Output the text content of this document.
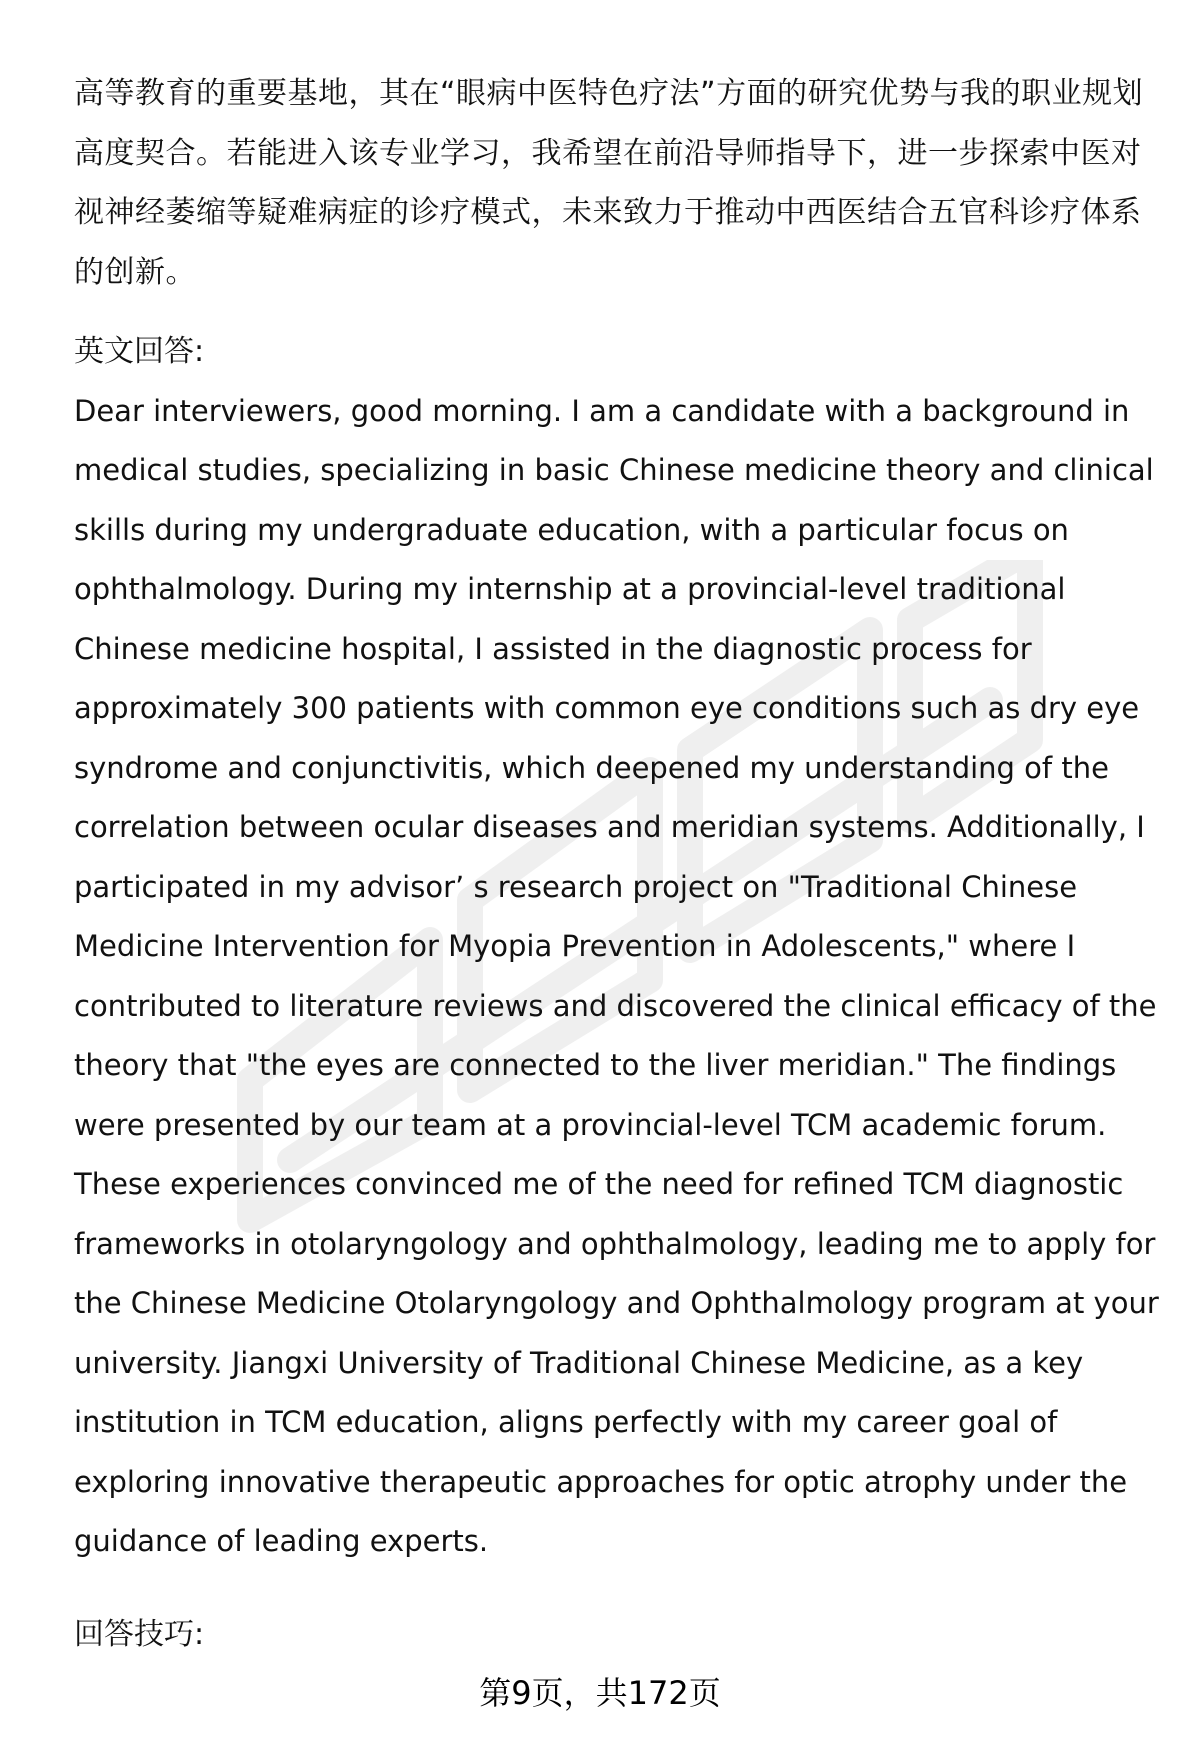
高等教育的重要基地，其在“眼病中医特色疗法”方面的研究优势与我的职业规划高度契合。若能进入该专业学习，我希望在前沿导师指导下，进一步探索中医对视神经萎缩等疑难病症的诊疗模式，未来致力于推动中西医结合五官科诊疗体系的创新。

英文回答:

Dear interviewers, good morning. I am a candidate with a background in medical studies, specializing in basic Chinese medicine theory and clinical skills during my undergraduate education, with a particular focus on ophthalmology. During my internship at a provincial-level traditional Chinese medicine hospital, I assisted in the diagnostic process for approximately 300 patients with common eye conditions such as dry eye syndrome and conjunctivitis, which deepened my understanding of the correlation between ocular diseases and meridian systems. Additionally, I participated in my advisor’ s research project on "Traditional Chinese Medicine Intervention for Myopia Prevention in Adolescents," where I contributed to literature reviews and discovered the clinical efficacy of the theory that "the eyes are connected to the liver meridian." The findings were presented by our team at a provincial-level TCM academic forum. These experiences convinced me of the need for refined TCM diagnostic frameworks in otolaryngology and ophthalmology, leading me to apply for the Chinese Medicine Otolaryngology and Ophthalmology program at your university. Jiangxi University of Traditional Chinese Medicine, as a key institution in TCM education, aligns perfectly with my career goal of exploring innovative therapeutic approaches for optic atrophy under the guidance of leading experts.

回答技巧:

第9页，共172页
